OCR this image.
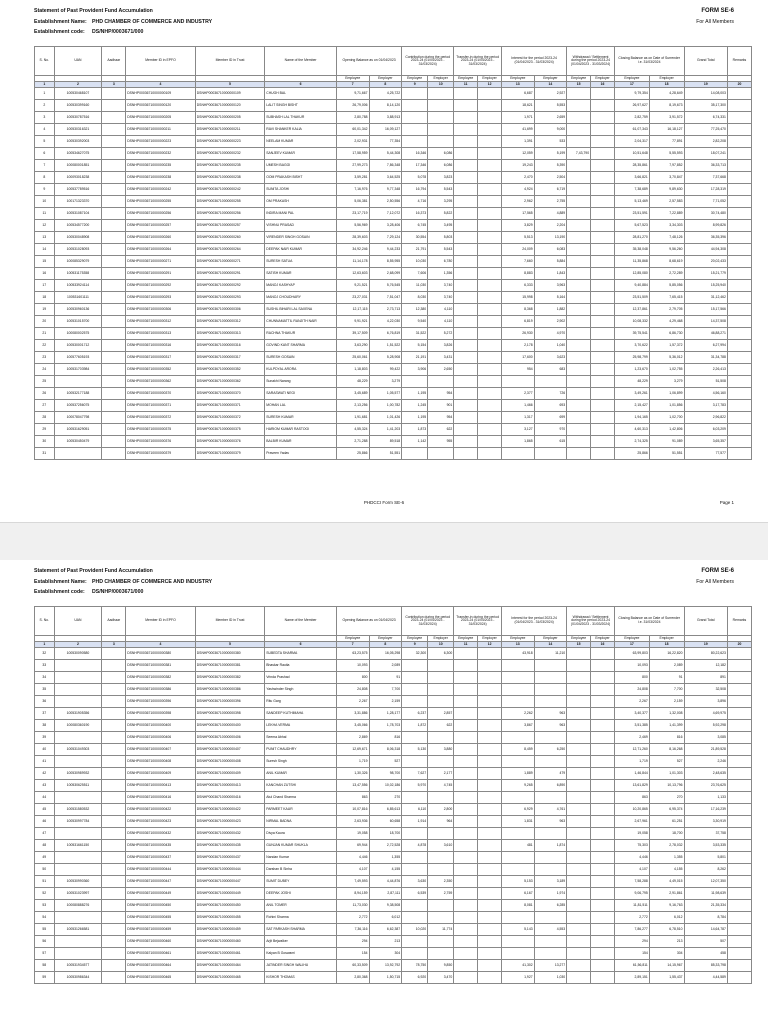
Statement of Past Provident Fund Accumulation
Establishment Name: PHD CHAMBER OF COMMERCE AND INDUSTRY
Establishment code: DS/NHP/0003671/000
FORM SE-6
For All Members
S. No.	UAN	Aadhaar	Member ID in EPFO	Member ID in Trust	Name of the Member	Opening Balance as on 01/04/2023		Contribution during the period 2023-24 (01/04/2023 - 31/03/2024)		Transfer-in during the period 2023-24 (01/04/2023 - 31/03/2024)		Interest for the period 2023-24 (01/04/2023 - 31/03/2024)		Withdrawal / Settlement during the period 2023-24 (01/04/2023 - 31/03/2024)		Closing Balance as on Date of Surrender i.e. 31/03/2024		Grand Total	Remarks
						Employee	Employer	Employee	Employer	Employee	Employer	Employee	Employer	Employee	Employer	Employee	Employer		
1	2	3	4	5	6	7	8	9	10	11	12	13	14	15	16	17	18	19	20
1	100530468107		DSNHP00036710000000109	DSNHP00036710000000109	CHUGH BAL	9,71,667	4,25,722					6,687	2,927			9,79,354	4,28,649	14,08,003	
2	100530399160		DSNHP00036710000000120	DSNHP00036710000000120	LALIT SINGH BISHT	26,79,006	8,14,120					18,621	5,553			26,97,627	8,19,673	35,17,300	
3	100530787516		DSNHP00036710000000205	DSNHP00036710000000205	SUBHASH LAL THAKUR	2,80,788	3,88,913					1,971	2,659			2,82,759	3,91,572	6,74,331	
4	100530316321		DSNHP00036710000000211	DSNHP00036710000000211	RAVI SHANKER KALIA	60,01,342	16,09,127					41,699	9,000			61,07,343	16,18,127	77,25,470	
5	100530392003		DSNHP00036710000000223	DSNHP00036710000000223	NEELAM KUMAR	2,02,931	77,354					1,391	533			2,04,317	77,891	2,82,208	
6	100534627075		DSNHP00036710000000232	DSNHP00036710000000232	SANJEEV KUMAR	17,58,959	5,44,308	16,346	6,086			12,059	5,199	7,43,790		10,51,648	5,55,593	18,07,241	
7	100080001851		DSNHP00036710000000235	DSNHP00036710000000235	UMESH BAGGI	27,99,273	7,86,348	17,346	6,086			19,243	5,390			28,35,861	7,97,852	36,33,713	
8	100093018238		DSNHP00036710000000238	DSNHP00036710000000238	OOM PRAKASH BISHT	3,59,281	3,64,525	5,078	3,823			2,470	2,504			3,66,821	3,70,847	7,37,668	
9	100537789516		DSNHP00036710000000242	DSNHP00036710000000242	SUNITA JOSHI	7,16,976	9,77,348	16,794	5,543			4,924	6,719			7,38,689	9,89,630	17,28,319	
10	100171323370		DSNHP00036710000000255	DSNHP00036710000000255	OM PRAKASH	5,06,381	2,50,556	4,716	3,295			2,962	2,755			5,13,469	2,57,583	7,71,052	
11	100531087104		DSNHP00036710000000256	DSNHP00036710000000256	INDIRA MANI PAL	23,17,719	7,12,072	16,373	5,822			17,565	4,889			23,51,591	7,22,889	30,74,480	
12	100534577200		DSNHP00036710000000257	DSNHP00036710000000257	VISHNU PRASAD	5,56,969	3,28,406	6,745	3,495			3,829	2,204			5,67,523	3,34,303	8,99,826	
13	100530048908		DSNHP00036710000000260	DSNHP00036710000000260	VIRENDER SINGH GOSAIN	28,39,603	7,29,124	30,554	5,803			5,513	13,190			28,81,270	7,48,126	36,35,396	
14	100531028093		DSNHP00036710000000264	DSNHP00036710000000264	DEEPAK NAIR KUMAR	34,92,246	9,44,233	21,791	5,543			24,009	6,083			35,38,048	9,56,260	44,94,308	
15	100085329079		DSNHP00036710000000271	DSNHP00036710000000271	SURESH SATUA	11,14,178	8,55,955	10,030	6,780			7,660	5,884			11,35,868	8,68,619	20,02,433	
16	100531175358		DSNHP00036710000000291	DSNHP00036710000000291	SATISH KUMAR	12,63,603	2,68,099	7,606	1,356			8,883	1,843			12,85,080	2,72,289	15,21,779	
17	100533924114		DSNHP00036710000000292	DSNHP00036710000000292	MANOJ KASHYAP	9,21,521	5,76,545	11,030	3,740			6,333	3,963			9,40,884	5,85,056	15,25,940	
18	100531601111		DSNHP00036710000000293	DSNHP00036710000000293	MANOJ CHOUDHARY	23,27,031	7,51,047	8,030	3,740			15,998	5,164			23,51,509	7,65,415	31,12,462	
19	100530960136		DSNHP00036710000000306	DSNHP00036710000000306	SUSHIL BIHARI LAL SAXENA	12,17,115	2,73,713	12,380	4,110			8,368	1,882			12,37,861	2,79,705	15,17,566	
20	100531015700		DSNHP00036710000000312	DSNHP00036710000000312	CHUNNAMATTIL RANJITH NAIR	9,91,921	4,22,030	9,540	4,110			6,819	2,902			10,08,332	4,29,468	14,37,508	
21	100080002575		DSNHP00036710000000313	DSNHP00036710000000313	RACHNA THAKUR	39,17,509	6,76,819	31,522	5,272			26,930	4,970			39,75,541	6,86,730	46,88,271	
22	100530001712		DSNHP00036710000000316	DSNHP00036710000000316	GOVIND KANT SHARMA	3,63,290	1,51,522	5,154	3,826			2,178	1,040			3,70,622	1,57,372	6,27,994	
23	100577605193		DSNHP00036710000000317	DSNHP00036710000000317	SURESH GOSAIN	25,60,061	5,28,908	21,191	3,431			17,600	3,623			25,98,799	5,36,012	31,34,788	
24	100531703984		DSNHP00036710000000352	DSNHP00036710000000352	KULPDYAL ARORA	1,18,803	99,422	3,906	2,650			954	683			1,23,670	1,02,755	2,26,413	
25			DSNHP00036710000000362	DSNHP00036710000000362	Sunakhi Narang	48,229	3,279									48,229	3,279	51,508	
26	100532177188		DSNHP00036710000000370	DSNHP00036710000000370	SARASWATI NEGI	3,45,689	1,05,577	1,195	954			2,377	726			3,49,261	1,06,899	4,56,160	
27	100537256075		DSNHP00036710000000371	DSNHP00036710000000371	MOHAN LAL	2,13,256	1,00,782	1,245	901			1,466	693			2,15,427	1,01,856	3,17,783	
28	100078047798		DSNHP00036710000000372	DSNHP00036710000000372	SURESH KUMAR	1,91,681	1,01,426	1,195	954			1,317	699			1,94,165	1,02,700	2,96,822	
29	100531629051		DSNHP00036710000000375	DSNHP00036710000000375	HARIOM KUMAR RASTOGI	4,55,324	1,41,203	1,873	622			3,127	970			4,60,313	1,42,806	6,03,209	
30	100530450479		DSNHP00036710000000376	DSNHP00036710000000376	BALBIR KUMAR	2,71,288	89,518	1,142	955			1,865	615			2,74,325	91,089	3,65,357	
31			DSNHP00036710000000379	DSNHP00036710000000379	Praveen Yadav	25,866	51,551									25,866	51,551	77,577	
PHDCCI Form SE-6	Page 1
Statement of Past Provident Fund Accumulation
Establishment Name: PHD CHAMBER OF COMMERCE AND INDUSTRY
Establishment code: DS/NHP/0003671/000
FORM SE-6
For All Members
S. No.	UAN	Aadhaar	Member ID in EPFO	Member ID in Trust	Name of the Member	Opening Balance as on 01/04/2023		Contribution during the period 2023-24 (01/04/2023 - 31/03/2024)		Transfer-in during the period 2023-24 (01/04/2023 - 31/03/2024)		Interest for the period 2023-24 (01/04/2023 - 31/03/2024)		Withdrawal / Settlement during the period 2023-24 (01/04/2023 - 31/03/2024)		Closing Balance as on Date of Surrender i.e. 31/03/2024		Grand Total	Remarks
						Employee	Employer	Employee	Employer	Employee	Employer	Employee	Employer	Employee	Employer	Employee	Employer		
1	2	3	4	5	6	7	8	9	10	11	12	13	14	15	16	17	18	19	20
32	100530090580		DSNHP00036710000000380	DSNHP00036710000000380	SUBEDTA SHARMA	63,23,575	16,05,298	32,300	6,300			43,918	11,210			63,99,803	16,22,820	80,22,623	
33			DSNHP00036710000000381	DSNHP00036710000000381	Bhaskar Rautia	10,093	2,089									10,093	2,089	12,182	
34			DSNHP00036710000000382	DSNHP00036710000000382	Vrinda Prashad	800	91									800	91	891	
35			DSNHP00036710000000386	DSNHP00036710000000386	Yashwinder Singh	24,808	7,700									24,808	7,700	32,508	
36			DSNHP00036710000000396	DSNHP00036710000000396	Ritu Garg	2,267	2,159									2,267	2,159	3,896	
37	100531905356		DSNHP00036710000000398	DSNHP00036710000000398	SANDEEP KUTHIMAHA	3,31,886	1,28,177	6,237	2,857			2,262	963			3,40,377	1,32,008	4,69,975	
38	100080360190		DSNHP00036710000000400	DSNHP00036710000000400	LEKHA VERMA	3,45,066	1,78,703	1,872	622			3,867	963			3,51,385	1,41,399	5,92,298	
39			DSNHP00036710000000406	DSNHP00036710000000406	Seema Abhal	2,869	816									2,469	816	3,085	
40	100531049303		DSNHP00036710000000407	DSNHP00036710000000407	PUNIT CHAUDHRY	12,69,671	8,06,318	5,130	3,880			8,459	6,250			12,71,260	8,16,268	21,89,528	
41			DSNHP00036710000000408	DSNHP00036710000000408	Suresh Singh	1,719	527									1,719	527	2,246	
42	100530989932		DSNHP00036710000000409	DSNHP00036710000000409	ANIL KUMAR	1,30,326	98,700	7,627	2,177			1,889	479			1,46,844	1,01,303	2,48,635	
43	100530625511		DSNHP00036710000000413	DSNHP00036710000000413	KANCHAN ZUTSHI	13,47,556	10,02,186	5,970	4,745			9,265	6,890			13,61,829	10,13,796	23,76,625	
44			DSNHP00036710000000416	DSNHP00036710000000416	Atul Chand Sharma	863	270									863	270	1,133	
45	100531580532		DSNHP00036710000000422	DSNHP00036710000000422	PARMEET KAUR	10,07,816	6,85,613	6,110	2,800			6,929	4,761			10,20,865	6,95,374	17,16,239	
46	100530997784		DSNHP00036710000000423	DSNHP00036710000000423	NIRMAL BADNA	2,63,936	60,658	1,914	964			1,831	963			2,67,961	61,251	3,30,919	
47			DSNHP00036710000000432	DSNHP00036710000000432	Divya Kaura	19,058	18,700									19,058	18,700	37,758	
48	100531661150		DSNHP00036710000000435	DSNHP00036710000000435	GUNJAN KUMAR SHUKLA	69,944	2,72,528	4,878	3,610			481	1,874			75,303	2,78,032	3,53,335	
49			DSNHP00036710000000437	DSNHP00036710000000437	Nandan Kumar	4,446	1,355									4,446	1,355	5,801	
50			DSNHP00036710000000444	DSNHP00036710000000444	Darshan B Sinha	4,107	4,155									4,107	4,155	8,262	
51	100530990360		DSNHP00036710000000447	DSNHP00036710000000447	SUMIT DUBEY	7,49,593	4,44,876	3,630	2,350			5,153	3,189			7,58,288	4,49,015	12,07,350	
52	100531023997		DSNHP00036710000000449	DSNHP00036710000000449	DEEPAK JOSHI	8,94,159	2,87,111	6,539	2,759			6,167	1,974			9,06,795	2,91,861	11,98,639	
53	100080888276		DSNHP00036710000000450	DSNHP00036710000000450	ANIL TOMER	11,73,030	9,38,508					8,081	6,285			11,81,511	9,16,763	21,35,334	
54			DSNHP00036710000000455	DSNHP00036710000000455	Rohini Sharma	2,772	6,012									2,772	6,012	8,784	
55	100531266581		DSNHP00036710000000459	DSNHP00036710000000459	SAT PARKASH SHARMA	7,36,116	6,62,387	10,020	11,774			5,143	4,553			7,86,277	6,78,510	14,64,787	
56			DSNHP00036710000000460	DSNHP00036710000000460	Arjit Bejwalker	294	213									294	213	507	
57			DSNHP00036710000000461	DSNHP00036710000000461	Kalyan B Goswami	154	304									154	304	458	
58	100531934577		DSNHP00036710000000464	DSNHP00036710000000464	JATINDER SINGH WALIHU	60,33,509	13,92,792	78,750	9,850			41,302	13,277			61,56,811	14,15,967	85,33,798	
59	100530986344		DSNHP00036710000000465	DSNHP00036710000000465	KISHOR THOMAS	2,80,368	1,50,715	6,920	3,470			1,927	1,030			2,89,151	1,55,437	4,44,589	
